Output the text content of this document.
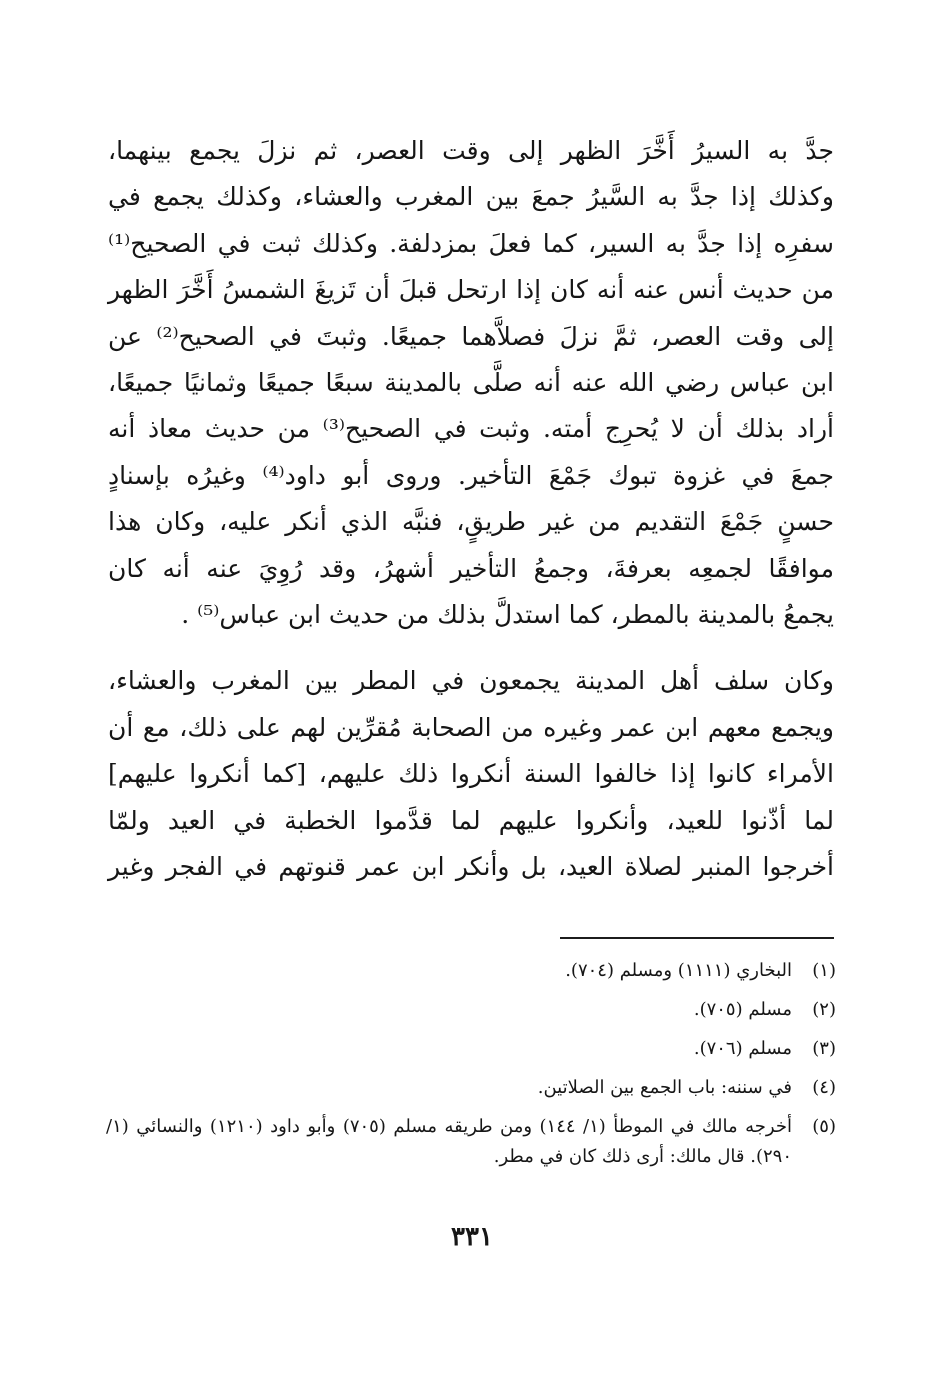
جدَّ به السيرُ أَخَّرَ الظهر إلى وقت العصر، ثم نزلَ يجمع بينهما،
وكذلك إذا جدَّ به السَّيرُ جمعَ بين المغرب والعشاء، وكذلك يجمع في
سفرِه إذا جدَّ به السير، كما فعلَ بمزدلفة. وكذلك ثبت في الصحيح⁽¹⁾
من حديث أنس عنه أنه كان إذا ارتحل قبلَ أن تَزيغَ الشمسُ أَخَّرَ الظهر
إلى وقت العصر، ثمَّ نزلَ فصلاَّهما جميعًا. وثبتَ في الصحيح⁽²⁾ عن
ابن عباس رضي الله عنه أنه صلَّى بالمدينة سبعًا جميعًا وثمانيًا جميعًا،
أراد بذلك أن لا يُحرِج أمته. وثبت في الصحيح⁽³⁾ من حديث معاذ أنه
جمعَ في غزوة تبوك جَمْعَ التأخير. وروى أبو داود⁽⁴⁾ وغيرُه بإسنادٍ
حسنٍ جَمْعَ التقديم من غير طريقٍ، فنبَّه الذي أنكر عليه، وكان هذا
موافقًا لجمعِه بعرفةَ، وجمعُ التأخير أشهرُ، وقد رُوِيَ عنه أنه كان
يجمعُ بالمدينة بالمطر، كما استدلَّ بذلك من حديث ابن عباس⁽⁵⁾ .

وكان سلف أهل المدينة يجمعون في المطر بين المغرب والعشاء،
ويجمع معهم ابن عمر وغيره من الصحابة مُقرِّين لهم على ذلك، مع أن
الأمراء كانوا إذا خالفوا السنة أنكروا ذلك عليهم، [كما أنكروا عليهم]
لما أذّنوا للعيد، وأنكروا عليهم لما قدَّموا الخطبة في العيد ولمّا
أخرجوا المنبر لصلاة العيد، بل وأنكر ابن عمر قنوتهم في الفجر وغير

(١)
البخاري (١١١١) ومسلم (٧٠٤).
(٢)
مسلم (٧٠٥).
(٣)
مسلم (٧٠٦).
(٤)
في سننه: باب الجمع بين الصلاتين.
(٥)
أخرجه مالك في الموطأ (١/ ١٤٤) ومن طريقه مسلم (٧٠٥) وأبو داود (١٢١٠) والنسائي (١/ ٢٩٠). قال مالك: أرى ذلك كان في مطر.
٣٣١
